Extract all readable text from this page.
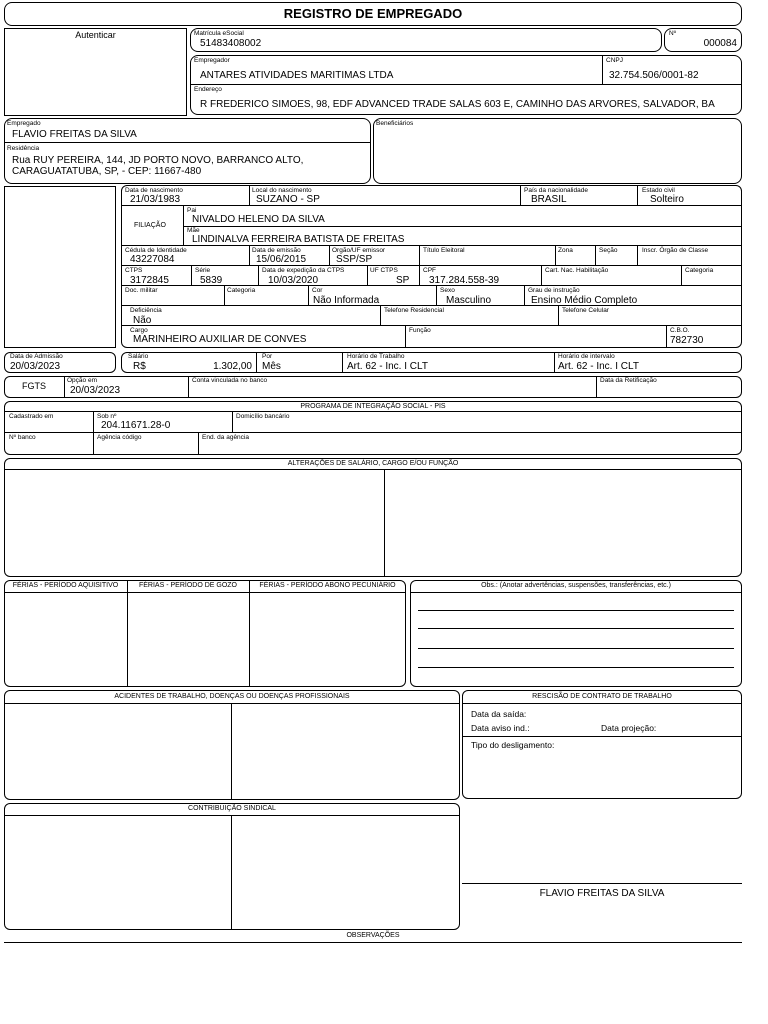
REGISTRO DE EMPREGADO
Autenticar	Matrícula eSocial
51483408002
Nº
000084
Empregador
ANTARES ATIVIDADES MARITIMAS LTDA
CNPJ
32.754.506/0001-82
Endereço
R FREDERICO SIMOES, 98, EDF ADVANCED TRADE SALAS 603 E, CAMINHO DAS ARVORES, SALVADOR, BA
Empregado
FLAVIO FREITAS DA SILVA
Residência
Rua RUY PEREIRA, 144, JD PORTO NOVO, BARRANCO ALTO,
CARAGUATATUBA, SP, - CEP: 11667-480
Beneficiários
Data de nascimento
21/03/1983
Local do nascimento
SUZANO - SP
País da nacionalidade
BRASIL
Estado civil
Solteiro
FILIAÇÃO
Pai
NIVALDO HELENO DA SILVA
Mãe
LINDINALVA FERREIRA BATISTA DE FREITAS
Cédula de Identidade
43227084
Data de emissão
15/06/2015
Orgão/UF emissor
SSP/SP
Título Eleitoral	Zona	Seção	Inscr. Órgão de Classe
CTPS
3172845
Série
5839
Data de expedição da CTPS
10/03/2020
UF CTPS
SP
CPF
317.284.558-39
Cart. Nac. Habilitação	Categoria
Doc. militar	Categoria	Cor
Não Informada
Sexo
Masculino
Grau de instrução
Ensino Médio Completo
Deficiência
Não
Telefone Residencial	Telefone Celular
Cargo
MARINHEIRO AUXILIAR DE CONVES
Função	C.B.O.
782730
Data de Admissão
20/03/2023
Salário
R$	1.302,00
Por
Mês
Horário de Trabalho
Art. 62 - Inc. I CLT
Horário de intervalo
Art. 62 - Inc. I CLT
FGTS
Opção em
20/03/2023
Conta vinculada no banco	Data da Retificação
PROGRAMA DE INTEGRAÇÃO SOCIAL - PIS
Cadastrado em	Sob nº
204.11671.28-0
Domicílio bancário
Nº banco	Agência código	End. da agência
ALTERAÇÕES DE SALÁRIO, CARGO E/OU FUNÇÃO
FÉRIAS - PERÍODO AQUISITIVO	FÉRIAS - PERÍODO DE GOZO	FÉRIAS - PERÍODO ABONO PECUNIÁRIO	Obs.: (Anotar advertências, suspensões, transferências, etc.)
ACIDENTES DE TRABALHO, DOENÇAS OU DOENÇAS PROFISSIONAIS	RESCISÃO DE CONTRATO DE TRABALHO
Data da saída:
Data aviso ind.:	Data projeção:
Tipo do desligamento:
CONTRIBUIÇÃO SINDICAL
FLAVIO FREITAS DA SILVA
OBSERVAÇÕES
